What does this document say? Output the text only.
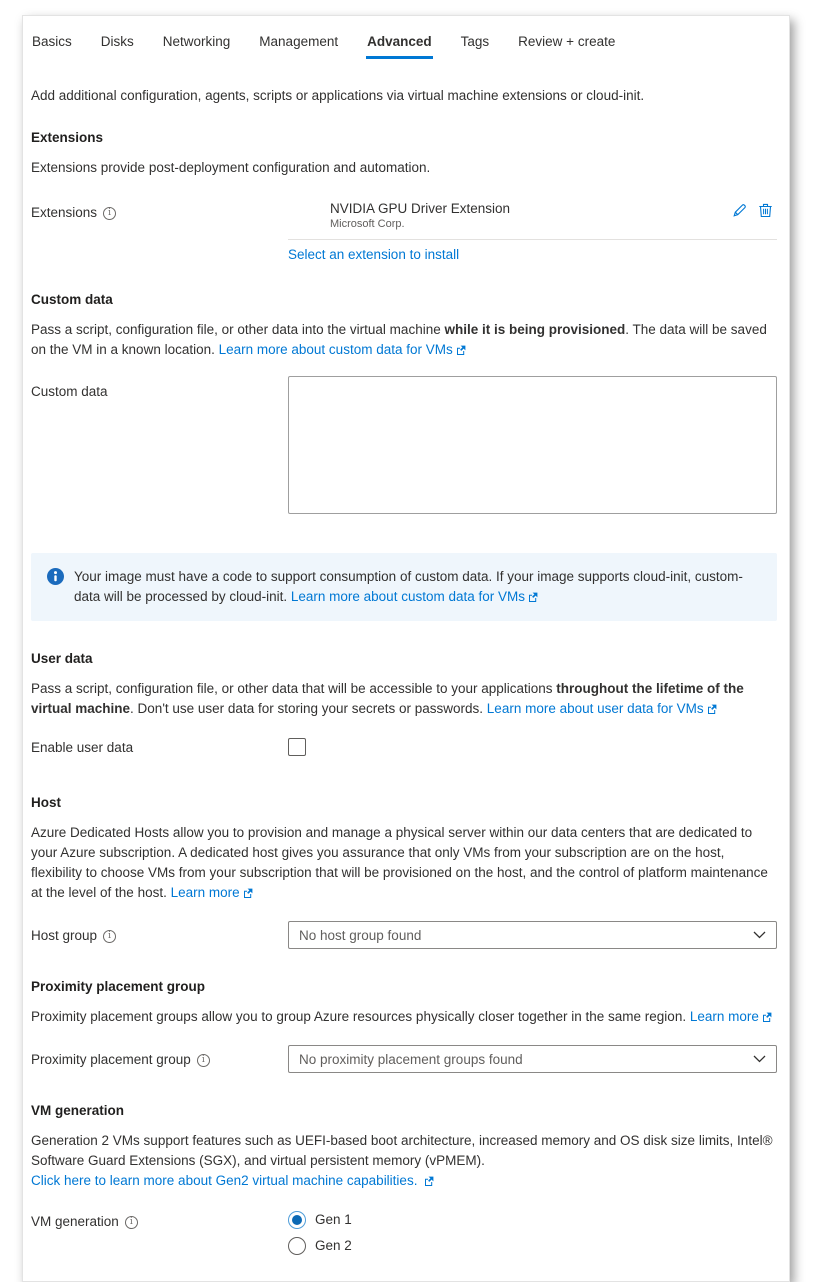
Basics Disks Networking Management Advanced Tags Review + create
Add additional configuration, agents, scripts or applications via virtual machine extensions or cloud-init.
Extensions
Extensions provide post-deployment configuration and automation.
Extensions	i	NVIDIA GPU Driver Extension
Microsoft Corp.
Select an extension to install
Custom data
Pass a script, configuration file, or other data into the virtual machine while it is being provisioned. The data will be saved on the VM in a known location. Learn more about custom data for VMs
Custom data
Your image must have a code to support consumption of custom data. If your image supports cloud-init, custom-data will be processed by cloud-init. Learn more about custom data for VMs
User data
Pass a script, configuration file, or other data that will be accessible to your applications throughout the lifetime of the virtual machine. Don't use user data for storing your secrets or passwords. Learn more about user data for VMs
Enable user data
Host
Azure Dedicated Hosts allow you to provision and manage a physical server within our data centers that are dedicated to your Azure subscription. A dedicated host gives you assurance that only VMs from your subscription are on the host, flexibility to choose VMs from your subscription that will be provisioned on the host, and the control of platform maintenance at the level of the host. Learn more
Host group	i	No host group found
Proximity placement group
Proximity placement groups allow you to group Azure resources physically closer together in the same region. Learn more
Proximity placement group	i	No proximity placement groups found
VM generation
Generation 2 VMs support features such as UEFI-based boot architecture, increased memory and OS disk size limits, Intel® Software Guard Extensions (SGX), and virtual persistent memory (vPMEM).
Click here to learn more about Gen2 virtual machine capabilities.
VM generation	i	Gen 1
Gen 2
